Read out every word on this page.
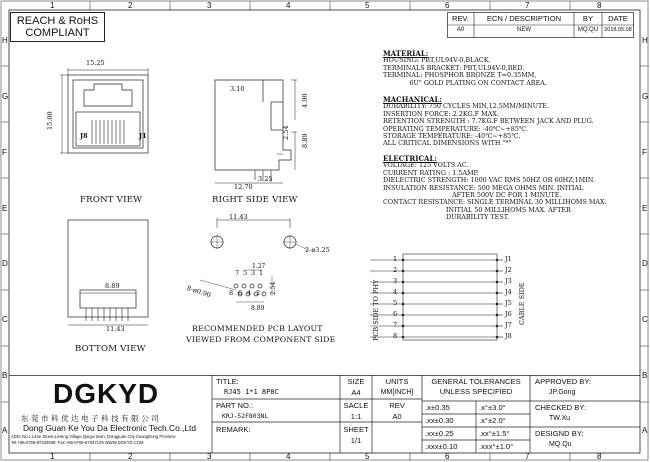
1	2	3	4	5	6	7	8
1	2	3	4	5	6	7	8
H
G
F
E
D
C
B
A
H
G
F
E
D
C
B
A
REACH & RoHS
COMPLIANT
REV.	ECN / DESCRIPTION	BY	DATE
A0	NEW	MQ.QU	2018.05.08
MATERIAL:
HOUSING: PBT,UL94V-0,BLACK.
TERMINALS BRACKET: PBT,UL94V-0,RED.
TERMINAL: PHOSPHOR BRONZE T=0.35MM,
6U" GOLD PLATING ON CONTACT AREA.
MACHANICAL:
DURABILITY: 750 CYCLES MIN,12.5MM/MINUTE.
INSERTION FORCE: 2.2KG.F MAX.
RETENTION STRENGTH : 7.7KG.F BETWEEN JACK AND PLUG.
OPERATING TEMPERATURE: -40℃~+85℃.
STORAGE TEMPERATURE: -40℃~+85℃.
ALL CRITICAL DIMENSIONS WITH "*"
ELECTRICAL:
VOLTAGE: 125 VOLTS AC.
CURRENT RATING : 1.5AMP.
DIELECTRIC STRENGTH: 1000 VAC RMS 50HZ OR 60HZ,1MIN.
INSULATION RESISTANCE: 500 MEGA OHMS MIN. INITIAL
AFTER 500V DC FOR 1 MINUTE.
CONTACT RESISTANCE: SINGLE TERMINAL 30 MILLIHOMS MAX.
INITIAL 50 MILLIHOMS MAX. AFTER
DURABILITY TEST.
15.25
15.00
J8	J1
FRONT VIEW
3.10
4.90
2.54
8.89
3.25
12.70
RIGHT SIDE VIEW
8.89
11.43
BOTTOM VIEW
11.43
2-ø3.25
8-ø0.90
1.27
2.54
8.89
7 5 3 1
8 6 4 2
RECOMMENDED PCB LAYOUT
VIEWED FROM COMPONENT SIDE	PCB SIDE TO PHY	CABLE SIDE
1
2
3
4
5
6
7
8
J1
J2
J3
J4
J5
J6
J7
J8
DGKYD
东 莞 市 科 优 达 电 子 科 技 有 限 公 司
Dong Guan Ke You Da Electronic Tech.Co.,Ltd
ADD.:No.1 Lime Street,LiHeng Village,Qingxi town, Dongguan City,GuangDong Province
Tel:+86-0769-87334508; Fax:+86-0769-87047139 WWW.DGKYD.COM
TITLE:
RJ45 1*1 8P8C
PART NO.:
KRJ-52F803NL
REMARK:
SIZE
A4
UNITS
MM[INCH]
SACLE
1:1
REV
A0
SHEET
1/1
GENERAL TOLERANCES
UNLESS SPECIFIED
.x±0.35	.x°±3.0°
.xx±0.30	.x°±2.0°
.xx±0.25	.xx°±1.5°
.xxx±0.10	.xxx°±1.0°
APPROVED BY:
JP.Gong
CHECKED BY:
TW.Xu
DESIGND BY:
MQ.Qu
